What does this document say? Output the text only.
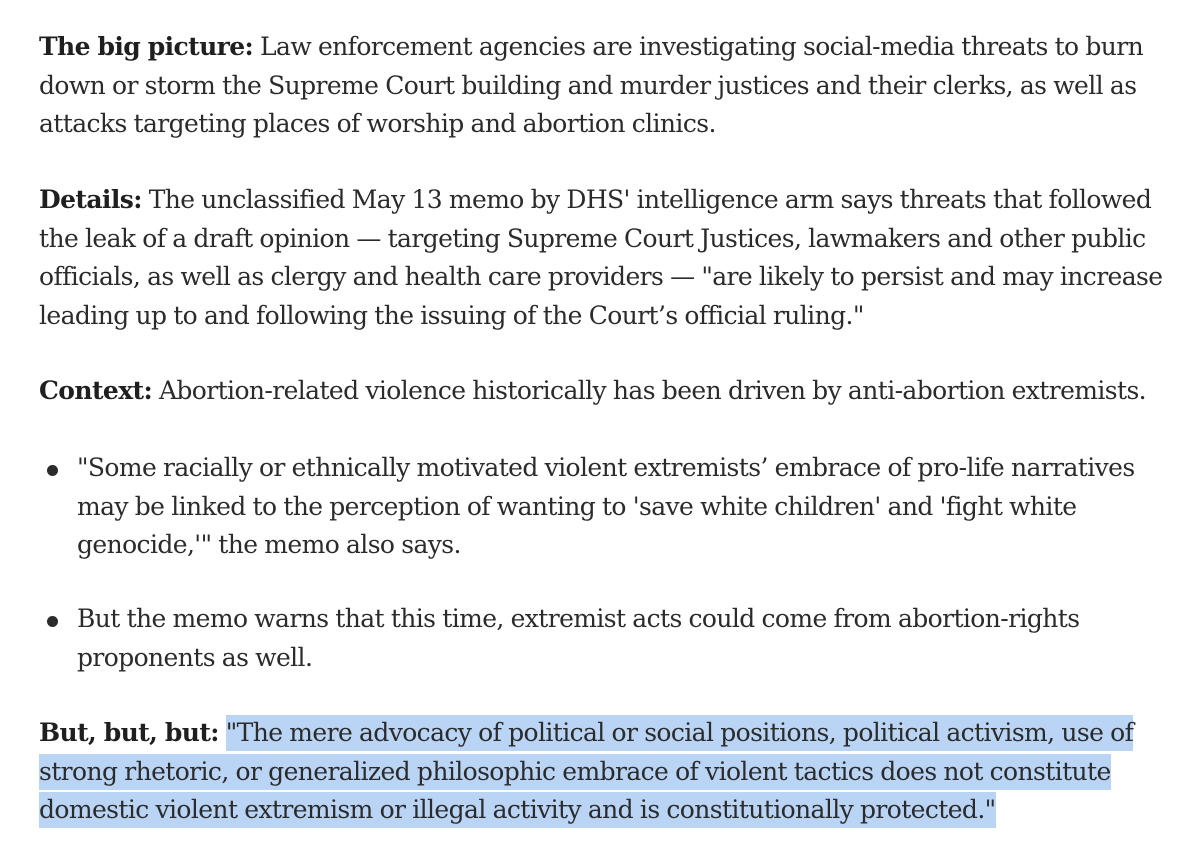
The big picture: Law enforcement agencies are investigating social-media threats to burn down or storm the Supreme Court building and murder justices and their clerks, as well as attacks targeting places of worship and abortion clinics.

Details: The unclassified May 13 memo by DHS' intelligence arm says threats that followed the leak of a draft opinion — targeting Supreme Court Justices, lawmakers and other public officials, as well as clergy and health care providers — "are likely to persist and may increase leading up to and following the issuing of the Court’s official ruling."

Context: Abortion-related violence historically has been driven by anti-abortion extremists.

"Some racially or ethnically motivated violent extremists’ embrace of pro-life narratives may be linked to the perception of wanting to 'save white children' and 'fight white genocide,'" the memo also says.
But the memo warns that this time, extremist acts could come from abortion-rights proponents as well.

But, but, but: "The mere advocacy of political or social positions, political activism, use of strong rhetoric, or generalized philosophic embrace of violent tactics does not constitute domestic violent extremism or illegal activity and is constitutionally protected."
